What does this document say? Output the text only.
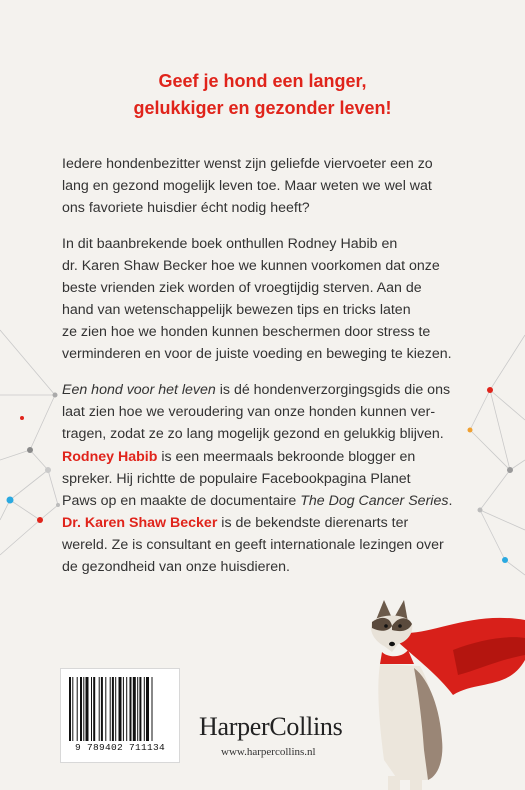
Geef je hond een langer,
gelukkiger en gezonder leven!

Iedere hondenbezitter wenst zijn geliefde viervoeter een zo
lang en gezond mogelijk leven toe. Maar weten we wel wat
ons favoriete huisdier écht nodig heeft?

In dit baanbrekende boek onthullen Rodney Habib en
dr. Karen Shaw Becker hoe we kunnen voorkomen dat onze
beste vrienden ziek worden of vroegtijdig sterven. Aan de
hand van wetenschappelijk bewezen tips en tricks laten
ze zien hoe we honden kunnen beschermen door stress te
verminderen en voor de juiste voeding en beweging te kiezen.

Een hond voor het leven is dé hondenverzorgingsgids die ons
laat zien hoe we veroudering van onze honden kunnen ver-
tragen, zodat ze zo lang mogelijk gezond en gelukkig blijven.

Rodney Habib is een meermaals bekroonde blogger en
spreker. Hij richtte de populaire Facebookpagina Planet
Paws op en maakte de documentaire The Dog Cancer Series.
Dr. Karen Shaw Becker is de bekendste dierenarts ter
wereld. Ze is consultant en geeft internationale lezingen over
de gezondheid van onze huisdieren.
9 789402 711134
HarperCollins
www.harpercollins.nl
